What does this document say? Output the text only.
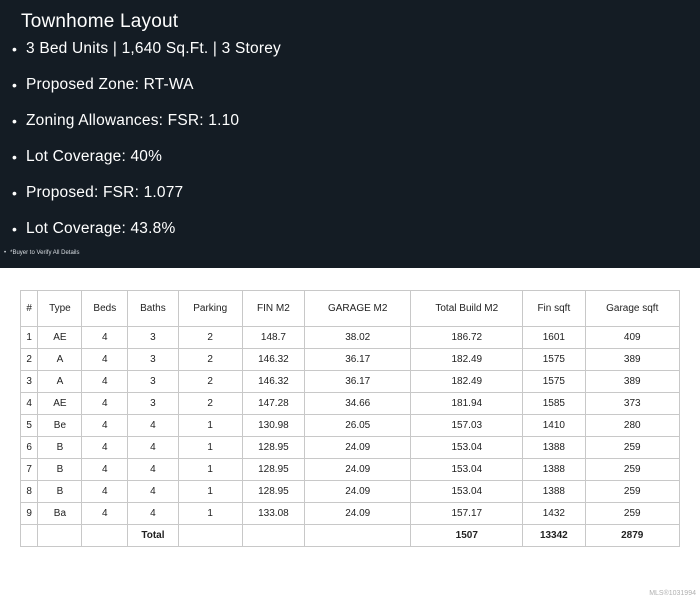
Townhome Layout
• 3 Bed Units | 1,640 Sq.Ft. | 3 Storey
• Proposed Zone: RT-WA
• Zoning Allowances: FSR: 1.10
• Lot Coverage: 40%
• Proposed: FSR: 1.077
• Lot Coverage: 43.8%
• *Buyer to Verify All Details
#	Type	Beds	Baths	Parking	FIN M2	GARAGE M2	Total Build M2	Fin sqft	Garage sqft
1	AE	4	3	2	148.7	38.02	186.72	1601	409
2	A	4	3	2	146.32	36.17	182.49	1575	389
3	A	4	3	2	146.32	36.17	182.49	1575	389
4	AE	4	3	2	147.28	34.66	181.94	1585	373
5	Be	4	4	1	130.98	26.05	157.03	1410	280
6	B	4	4	1	128.95	24.09	153.04	1388	259
7	B	4	4	1	128.95	24.09	153.04	1388	259
8	B	4	4	1	128.95	24.09	153.04	1388	259
9	Ba	4	4	1	133.08	24.09	157.17	1432	259
			Total				1507	13342	2879
MLS®1031994
